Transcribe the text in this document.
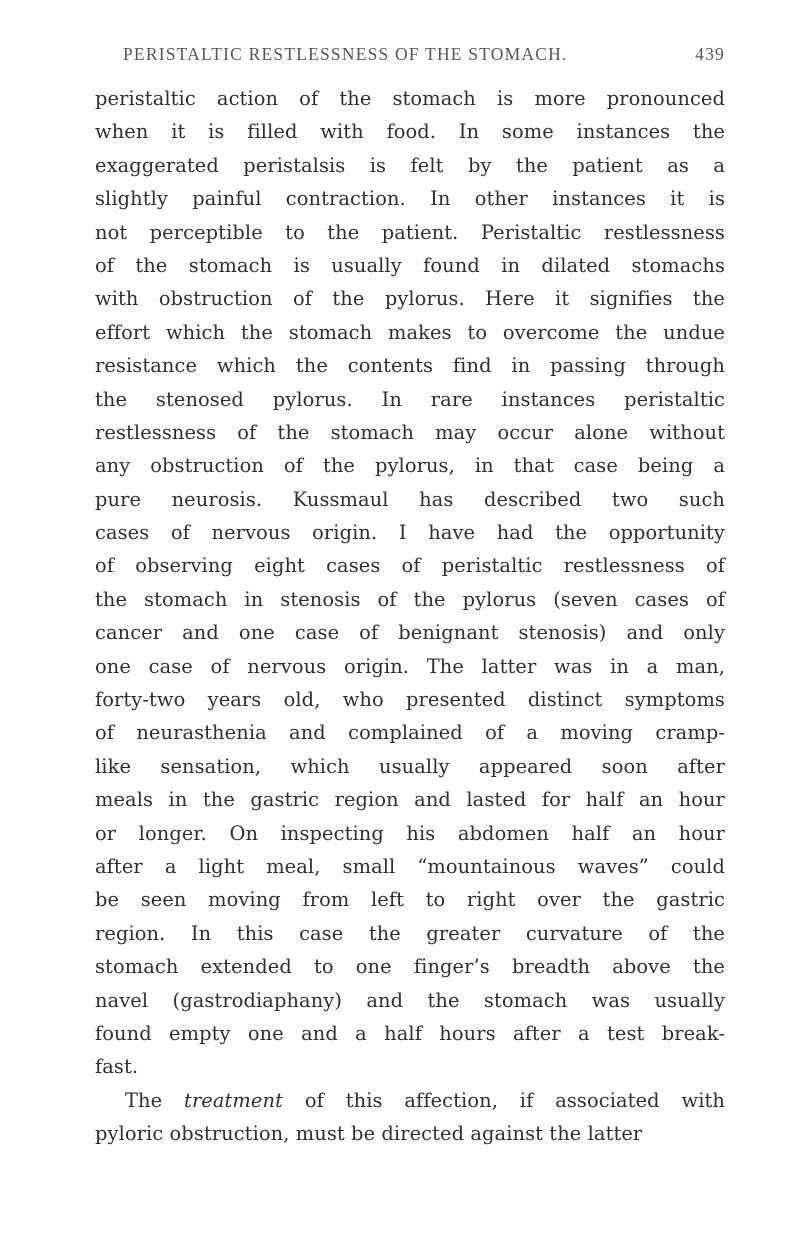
PERISTALTIC RESTLESSNESS OF THE STOMACH.	439
peristaltic action of the stomach is more pronounced
when it is filled with food. In some instances the
exaggerated peristalsis is felt by the patient as a
slightly painful contraction. In other instances it is
not perceptible to the patient. Peristaltic restlessness
of the stomach is usually found in dilated stomachs
with obstruction of the pylorus. Here it signifies the
effort which the stomach makes to overcome the undue
resistance which the contents find in passing through
the stenosed pylorus. In rare instances peristaltic
restlessness of the stomach may occur alone without
any obstruction of the pylorus, in that case being a
pure neurosis. Kussmaul has described two such
cases of nervous origin. I have had the opportunity
of observing eight cases of peristaltic restlessness of
the stomach in stenosis of the pylorus (seven cases of
cancer and one case of benignant stenosis) and only
one case of nervous origin. The latter was in a man,
forty-two years old, who presented distinct symptoms
of neurasthenia and complained of a moving cramp-
like sensation, which usually appeared soon after
meals in the gastric region and lasted for half an hour
or longer. On inspecting his abdomen half an hour
after a light meal, small “mountainous waves” could
be seen moving from left to right over the gastric
region. In this case the greater curvature of the
stomach extended to one finger’s breadth above the
navel (gastrodiaphany) and the stomach was usually
found empty one and a half hours after a test break-
fast.
The treatment of this affection, if associated with
pyloric obstruction, must be directed against the latter
